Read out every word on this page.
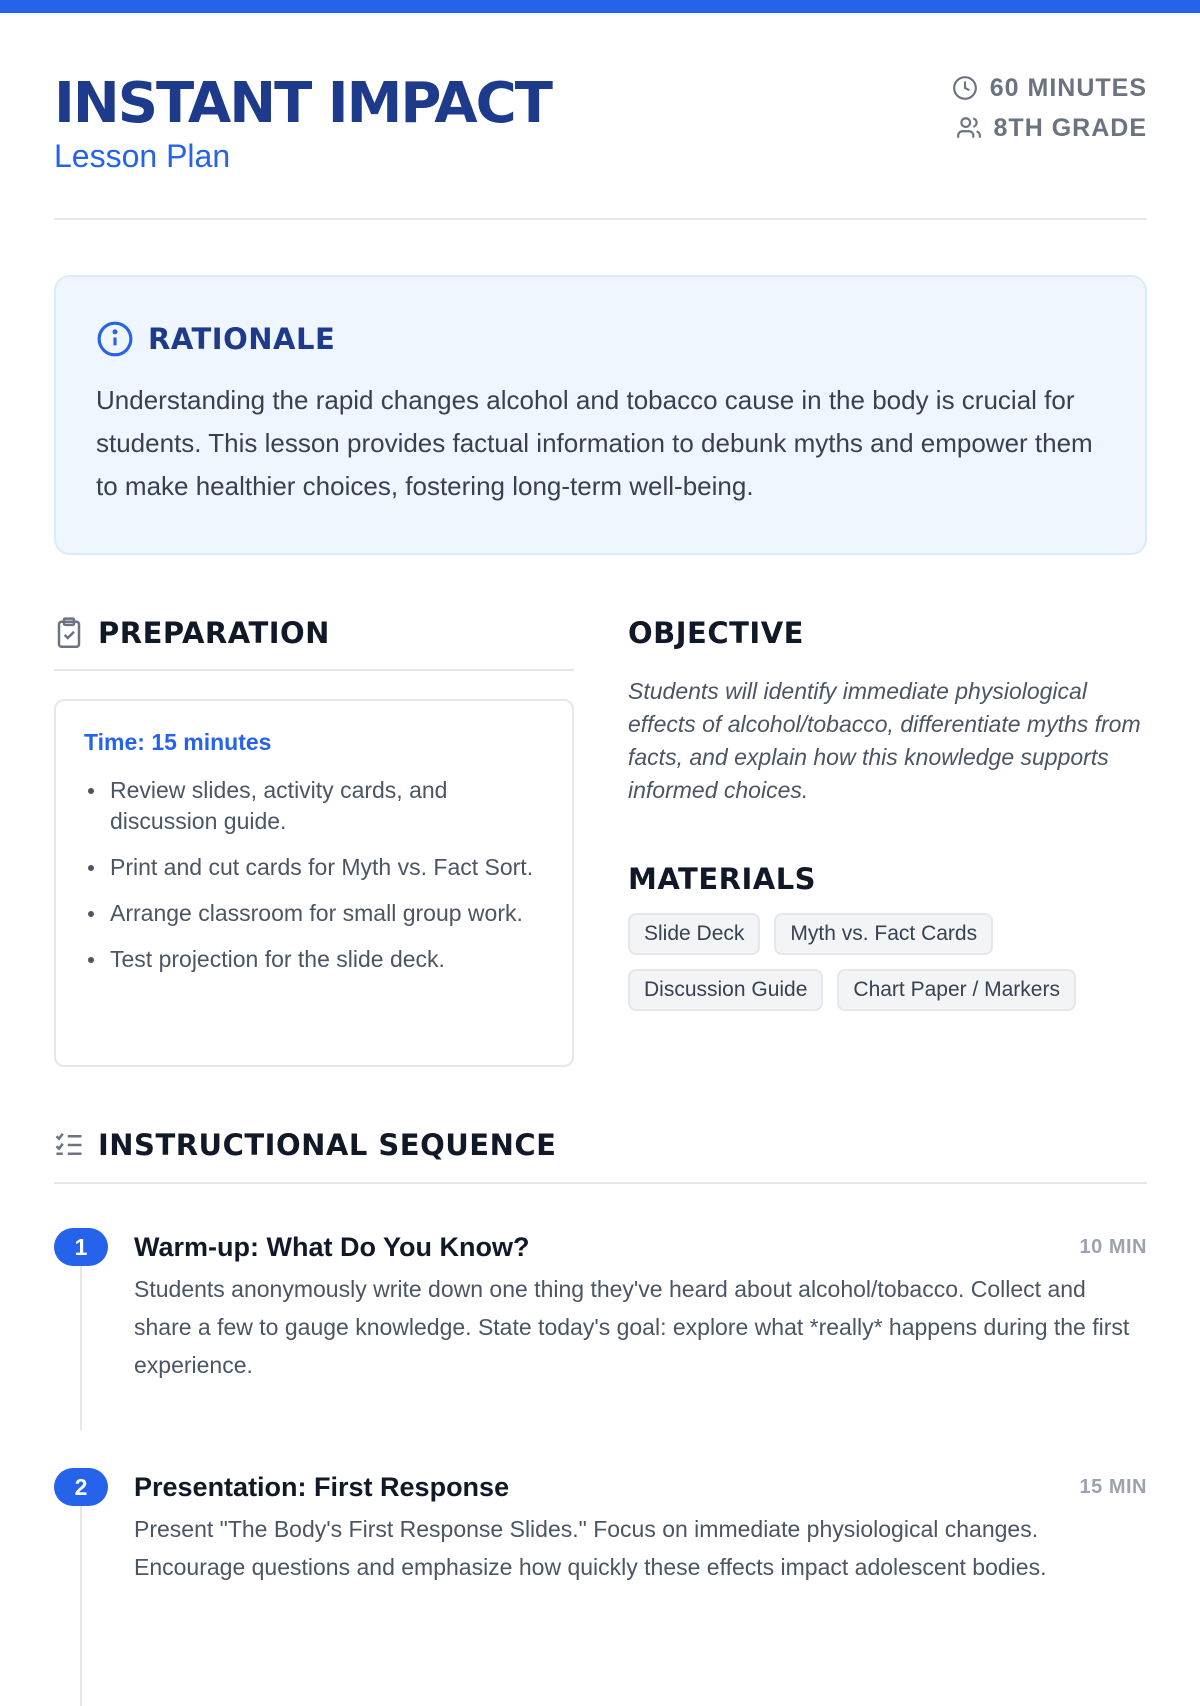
INSTANT IMPACT
Lesson Plan
60 MINUTES
8TH GRADE
RATIONALE

Understanding the rapid changes alcohol and tobacco cause in the body is crucial for students. This lesson provides factual information to debunk myths and empower them to make healthier choices, fostering long-term well-being.

PREPARATION
Time: 15 minutes
Review slides, activity cards, and discussion guide.
Print and cut cards for Myth vs. Fact Sort.
Arrange classroom for small group work.
Test projection for the slide deck.
OBJECTIVE

Students will identify immediate physiological effects of alcohol/tobacco, differentiate myths from facts, and explain how this knowledge supports informed choices.

MATERIALS
Slide Deck	Myth vs. Fact Cards
Discussion Guide	Chart Paper / Markers
INSTRUCTIONAL SEQUENCE
1	Warm-up: What Do You Know?	10 MIN

Students anonymously write down one thing they've heard about alcohol/tobacco. Collect and share a few to gauge knowledge. State today's goal: explore what *really* happens during the first experience.

2	Presentation: First Response	15 MIN

Present "The Body's First Response Slides." Focus on immediate physiological changes. Encourage questions and emphasize how quickly these effects impact adolescent bodies.
